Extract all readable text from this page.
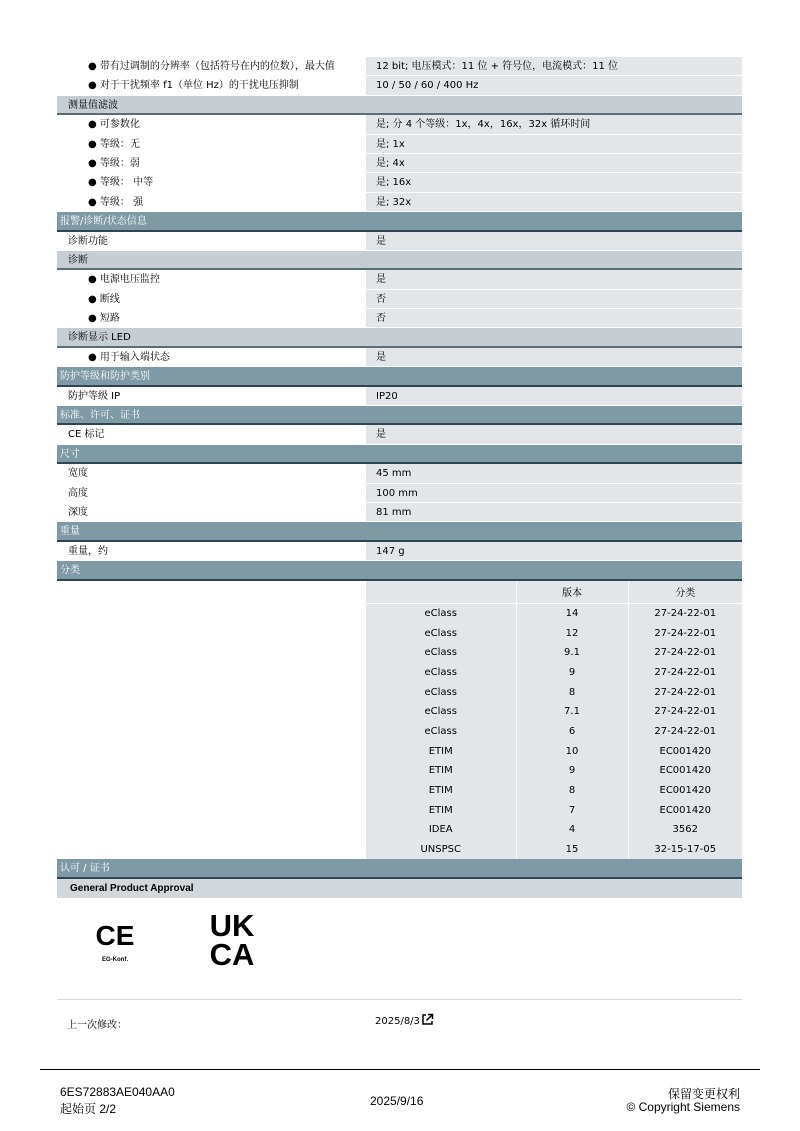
● 带有过调制的分辨率（包括符号在内的位数），最大值	12 bit; 电压模式：11 位 + 符号位，电流模式：11 位
● 对于干扰频率 f1（单位 Hz）的干扰电压抑制	10 / 50 / 60 / 400 Hz
测量值滤波
● 可参数化	是; 分 4 个等级：1x，4x，16x，32x 循环时间
● 等级：无	是; 1x
● 等级：弱	是; 4x
● 等级： 中等	是; 16x
● 等级： 强	是; 32x
报警/诊断/状态信息
诊断功能	是
诊断
● 电源电压监控	是
● 断线	否
● 短路	否
诊断显示 LED
● 用于输入端状态	是
防护等级和防护类别
防护等级 IP	IP20
标准、许可、证书
CE 标记	是
尺寸
宽度	45 mm
高度	100 mm
深度	81 mm
重量
重量，约	147 g
分类
	版本	分类
eClass	14	27-24-22-01
eClass	12	27-24-22-01
eClass	9.1	27-24-22-01
eClass	9	27-24-22-01
eClass	8	27-24-22-01
eClass	7.1	27-24-22-01
eClass	6	27-24-22-01
ETIM	10	EC001420
ETIM	9	EC001420
ETIM	8	EC001420
ETIM	7	EC001420
IDEA	4	3562
UNSPSC	15	32-15-17-05
认可 / 证书
General Product Approval
CE
EG-Konf.
UK
CA
上一次修改：	2025/8/3
6ES72883AE040AA0
起始页 2/2
2025/9/16	保留变更权利
© Copyright Siemens
